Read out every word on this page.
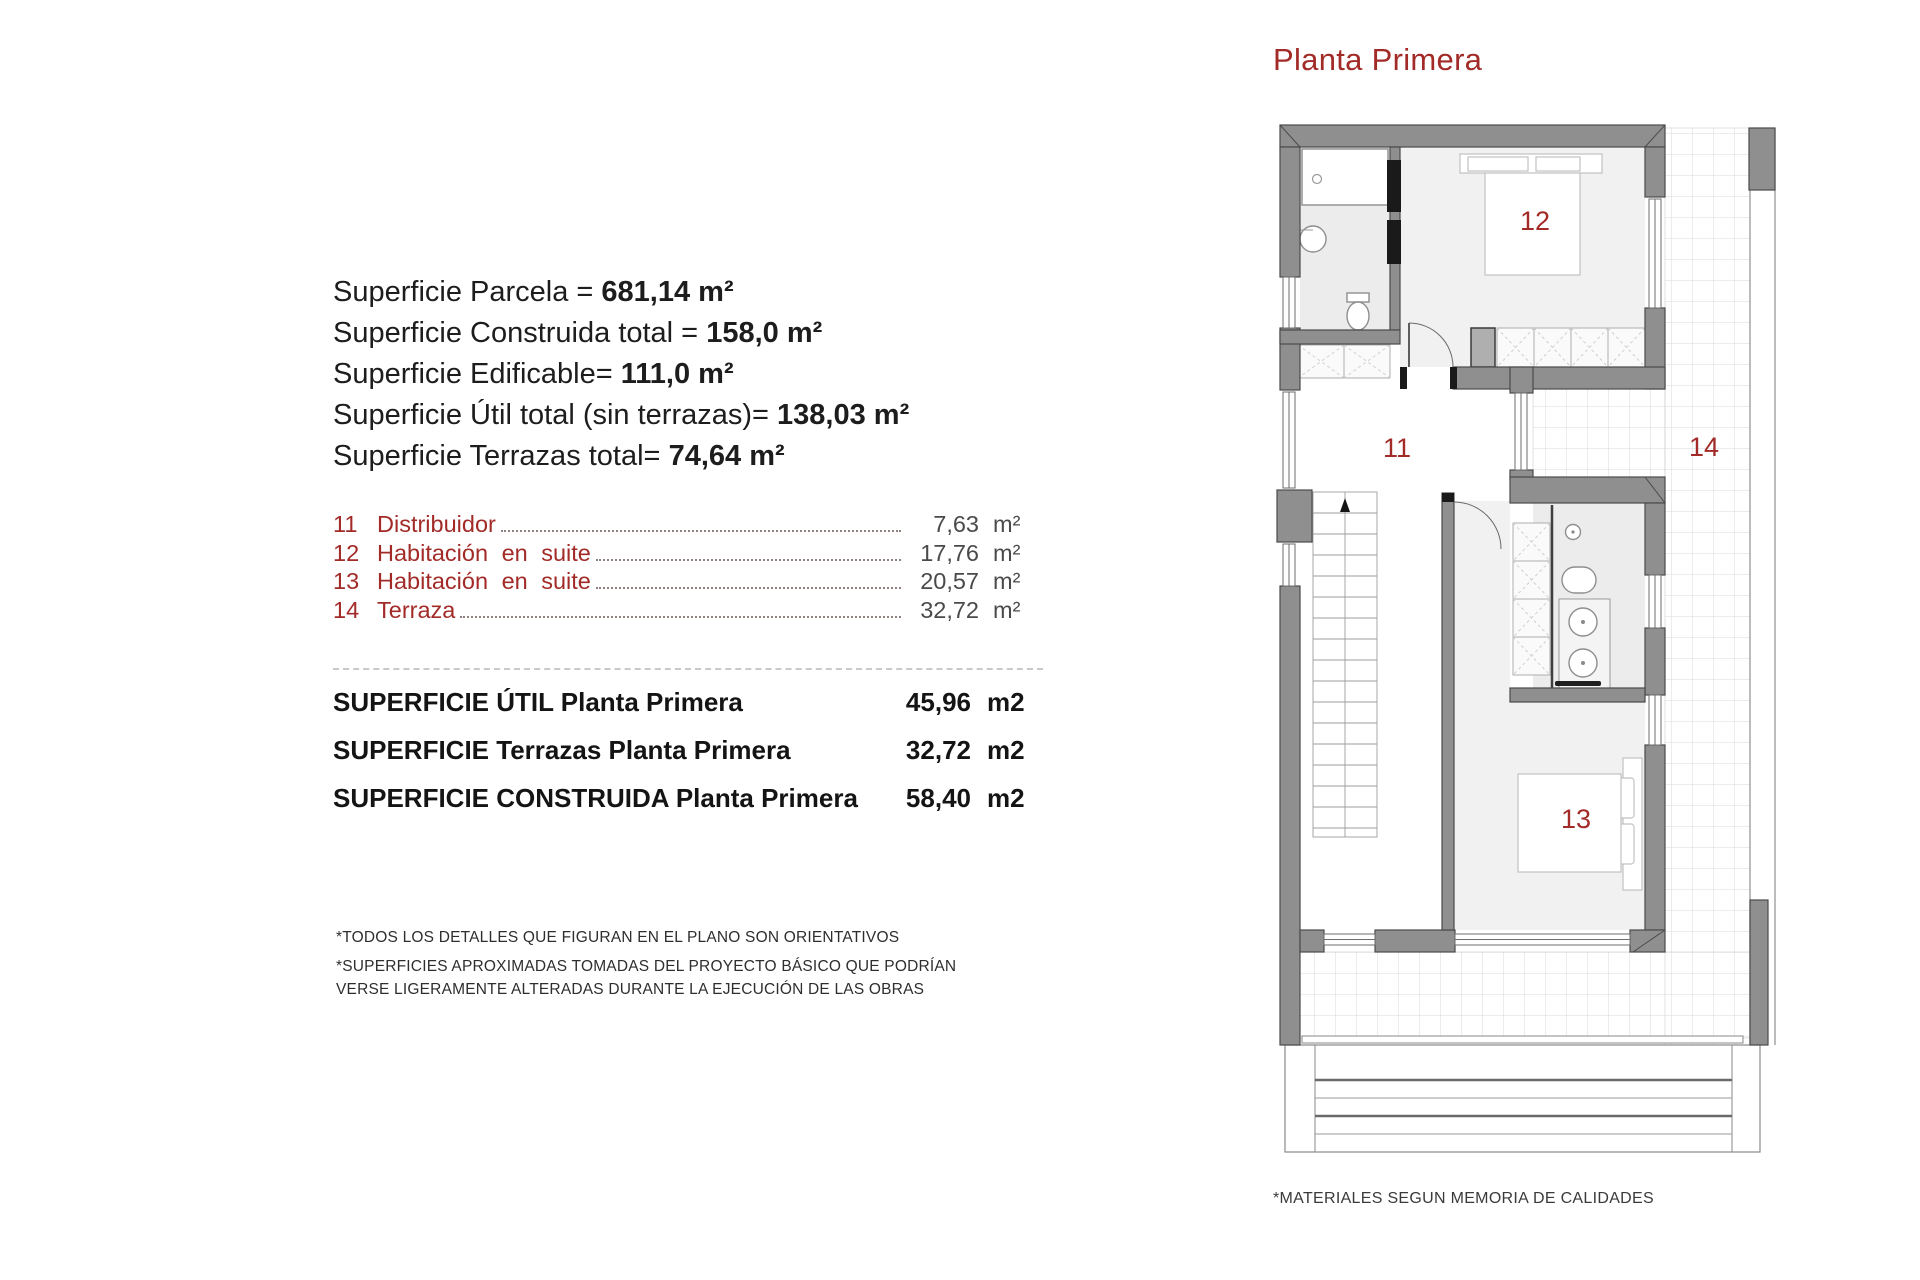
Superficie Parcela = 681,14 m²
Superficie Construida total = 158,0 m²
Superficie Edificable= 111,0 m²
Superficie Útil total (sin terrazas)= 138,03 m²
Superficie Terrazas total= 74,64 m²
11 Distribuidor	7,63 m²
12 Habitación en suite	17,76 m²
13 Habitación en suite	20,57 m²
14 Terraza	32,72 m²
SUPERFICIE ÚTIL Planta Primera	45,96 m2
SUPERFICIE Terrazas Planta Primera	32,72 m2
SUPERFICIE CONSTRUIDA Planta Primera	58,40 m2
*TODOS LOS DETALLES QUE FIGURAN EN EL PLANO SON ORIENTATIVOS
*SUPERFICIES APROXIMADAS TOMADAS DEL PROYECTO BÁSICO QUE PODRÍAN VERSE LIGERAMENTE ALTERADAS DURANTE LA EJECUCIÓN DE LAS OBRAS
Planta Primera
12
11	14
13
*MATERIALES SEGUN MEMORIA DE CALIDADES
